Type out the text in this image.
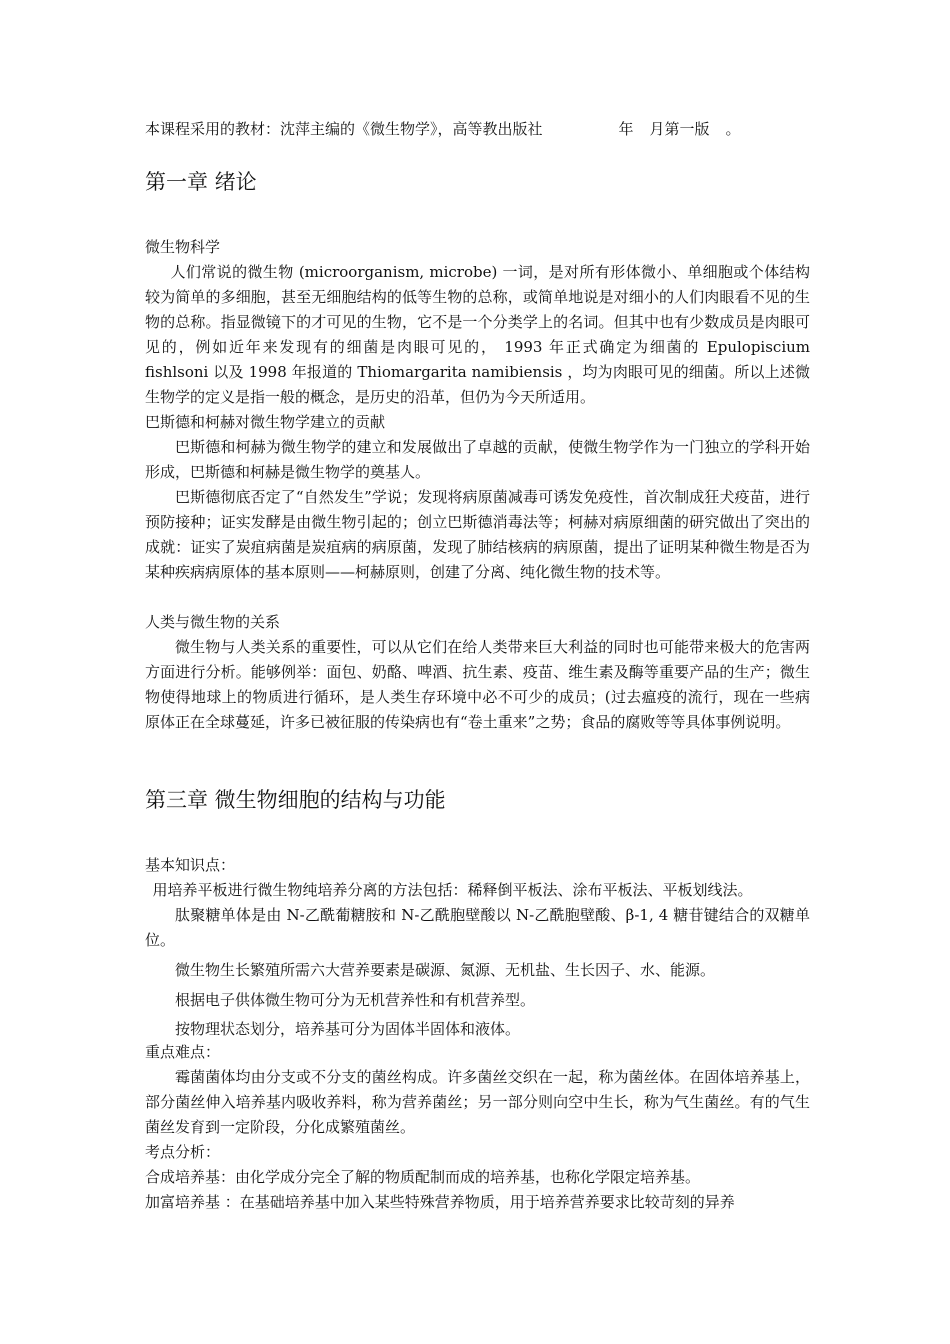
本课程采用的教材：沈萍主编的《微生物学》，高等教出版社	年 月第一版 。

第一章 绪论

微生物科学

人们常说的微生物 (microorganism, microbe) 一词，是对所有形体微小、单细胞或个体结构较为简单的多细胞，甚至无细胞结构的低等生物的总称，或简单地说是对细小的人们肉眼看不见的生物的总称。指显微镜下的才可见的生物，它不是一个分类学上的名词。但其中也有少数成员是肉眼可见的，例如近年来发现有的细菌是肉眼可见的， 1993 年正式确定为细菌的 Epulopiscium fishlsoni 以及 1998 年报道的 Thiomargarita namibiensis ，均为肉眼可见的细菌。所以上述微生物学的定义是指一般的概念，是历史的沿革，但仍为今天所适用。

巴斯德和柯赫对微生物学建立的贡献

巴斯德和柯赫为微生物学的建立和发展做出了卓越的贡献，使微生物学作为一门独立的学科开始形成，巴斯德和柯赫是微生物学的奠基人。

巴斯德彻底否定了“自然发生”学说；发现将病原菌减毒可诱发免疫性，首次制成狂犬疫苗，进行预防接种；证实发酵是由微生物引起的；创立巴斯德消毒法等；柯赫对病原细菌的研究做出了突出的成就：证实了炭疽病菌是炭疽病的病原菌，发现了肺结核病的病原菌，提出了证明某种微生物是否为某种疾病病原体的基本原则——柯赫原则，创建了分离、纯化微生物的技术等。

人类与微生物的关系

微生物与人类关系的重要性，可以从它们在给人类带来巨大利益的同时也可能带来极大的危害两方面进行分析。能够例举：面包、奶酪、啤酒、抗生素、疫苗、维生素及酶等重要产品的生产；微生物使得地球上的物质进行循环，是人类生存环境中必不可少的成员；(过去瘟疫的流行，现在一些病原体正在全球蔓延，许多已被征服的传染病也有“卷土重来”之势；食品的腐败等等具体事例说明。

第三章 微生物细胞的结构与功能

基本知识点：

用培养平板进行微生物纯培养分离的方法包括：稀释倒平板法、涂布平板法、平板划线法。

肽聚糖单体是由 N-乙酰葡糖胺和 N-乙酰胞壁酸以 N-乙酰胞壁酸、β-1, 4 糖苷键结合的双糖单位。

微生物生长繁殖所需六大营养要素是碳源、氮源、无机盐、生长因子、水、能源。

根据电子供体微生物可分为无机营养性和有机营养型。

按物理状态划分，培养基可分为固体半固体和液体。

重点难点：

霉菌菌体均由分支或不分支的菌丝构成。许多菌丝交织在一起，称为菌丝体。在固体培养基上，部分菌丝伸入培养基内吸收养料，称为营养菌丝；另一部分则向空中生长，称为气生菌丝。有的气生菌丝发育到一定阶段，分化成繁殖菌丝。

考点分析：

合成培养基：由化学成分完全了解的物质配制而成的培养基，也称化学限定培养基。

加富培养基 ：在基础培养基中加入某些特殊营养物质，用于培养营养要求比较苛刻的异养
